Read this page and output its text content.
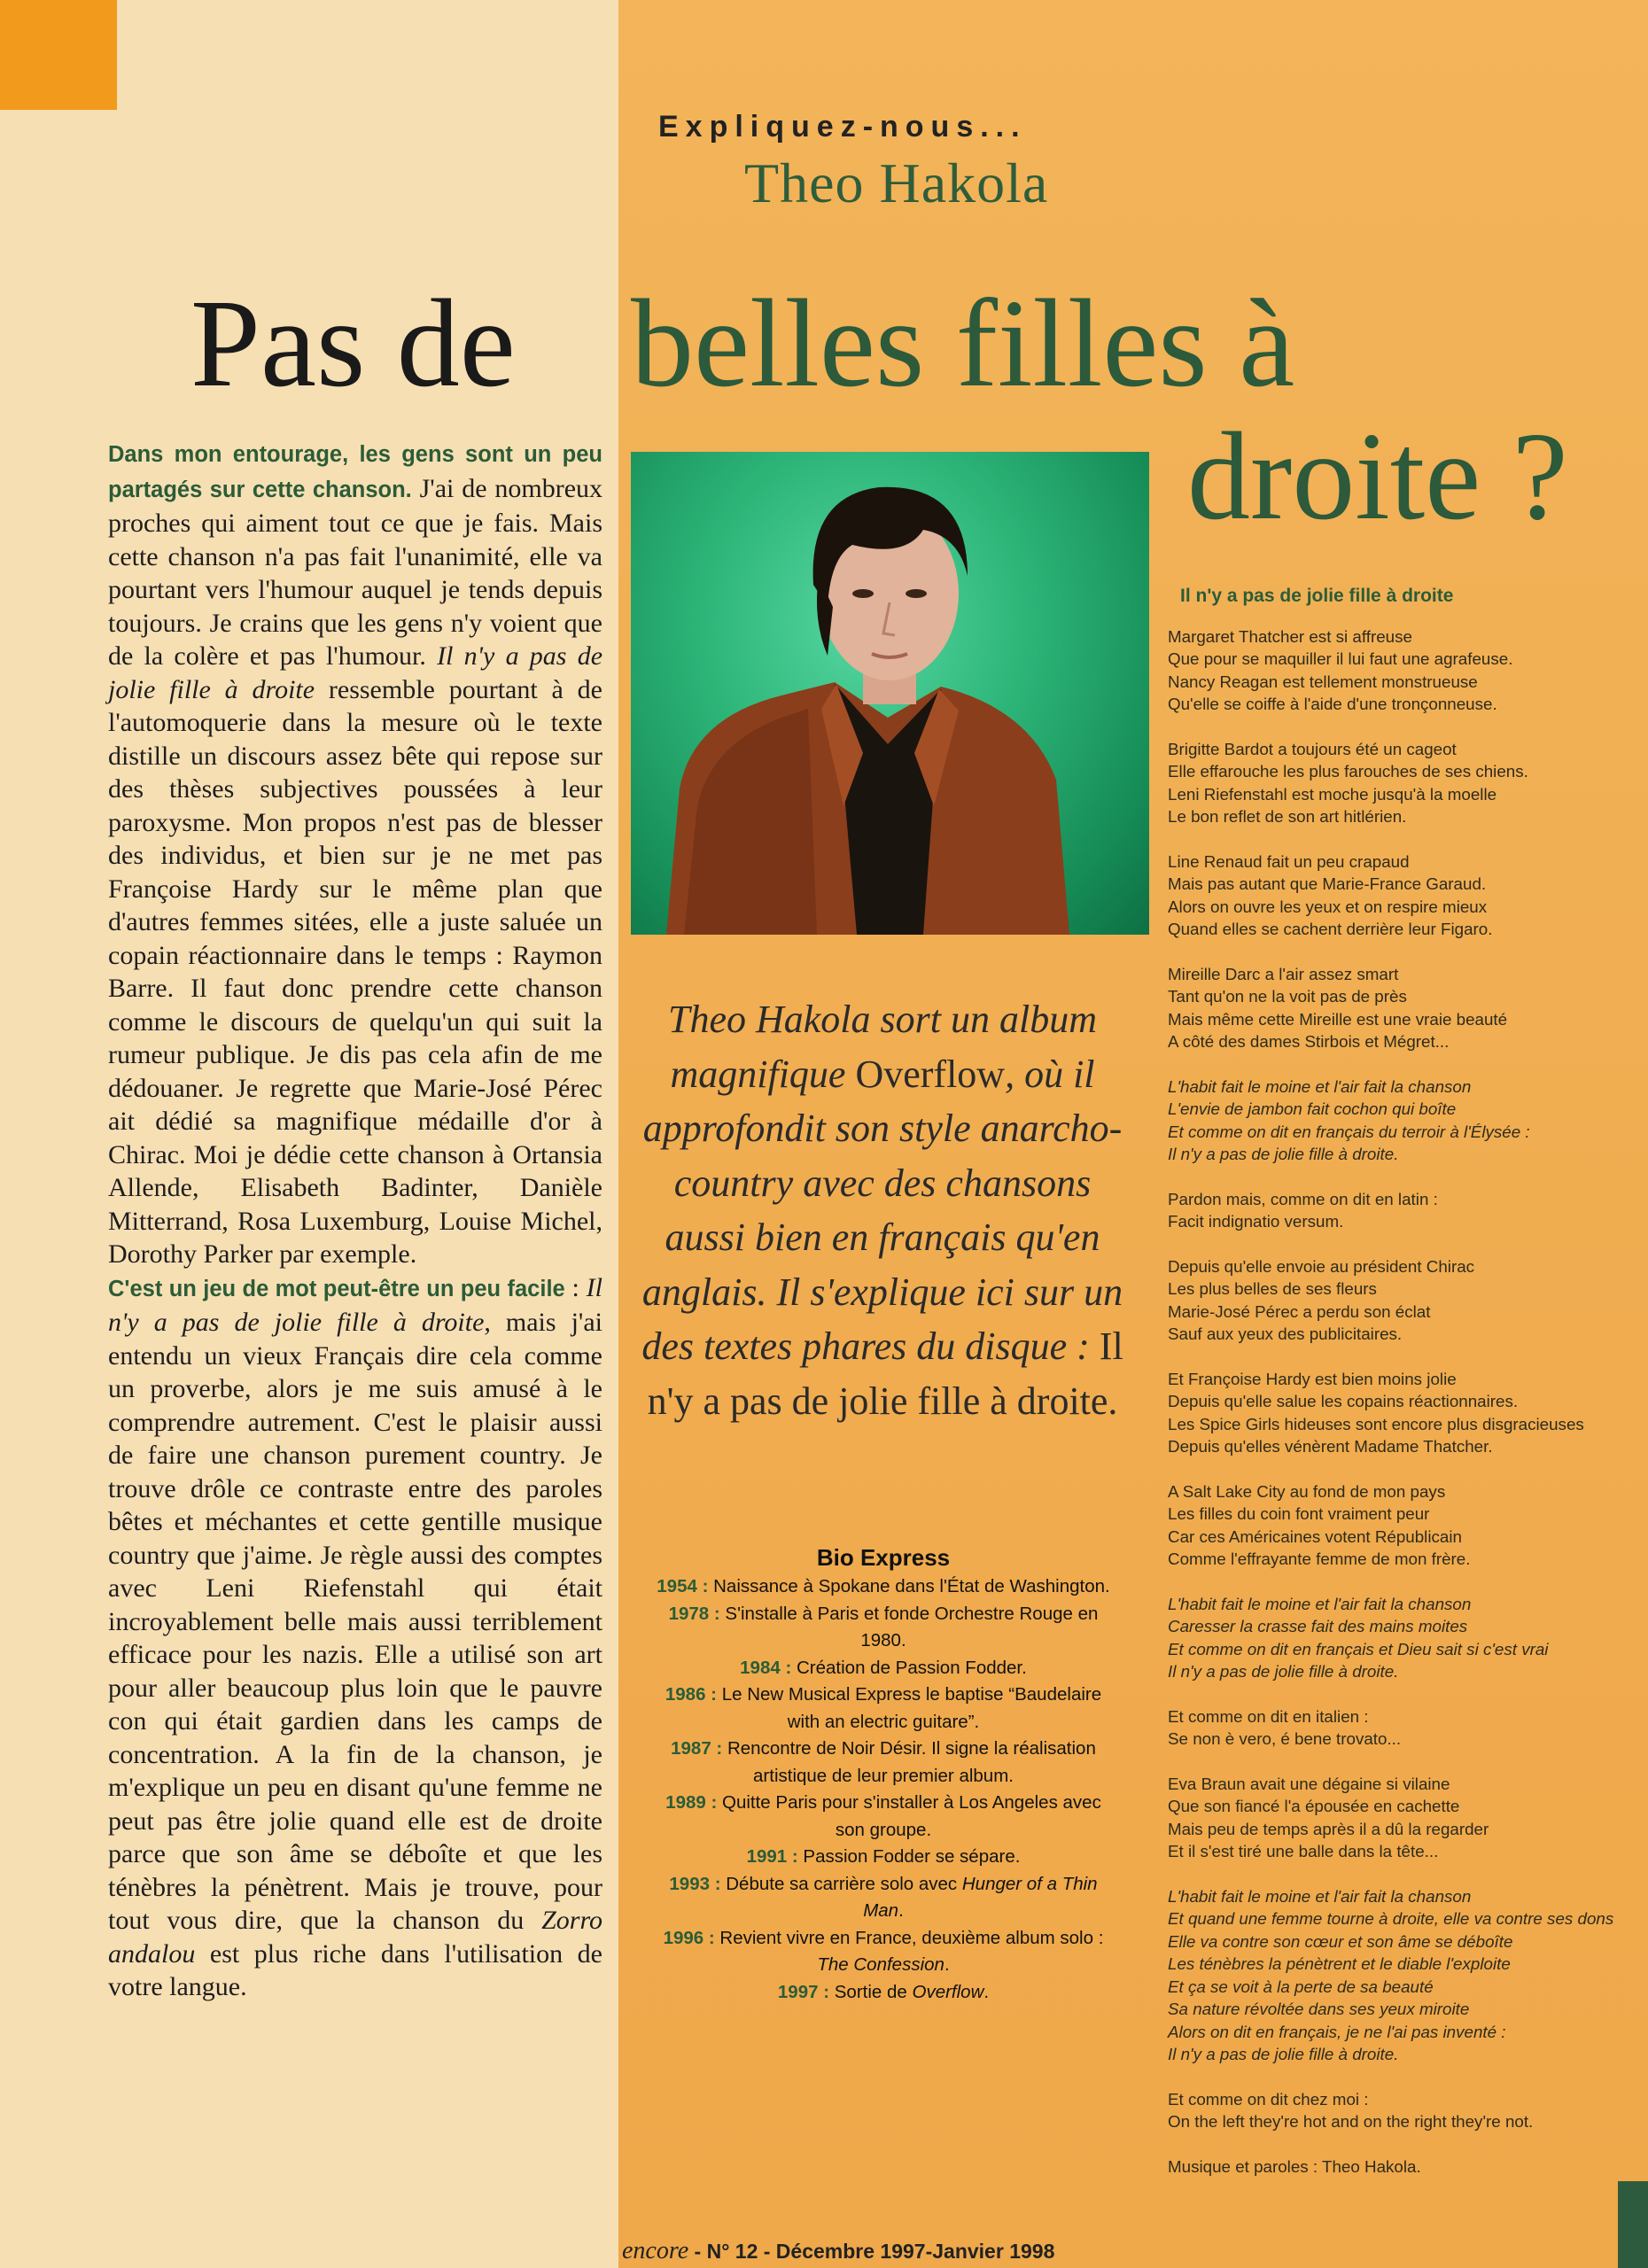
Expliquez-nous...
Theo Hakola
Pas de belles filles à
droite ?

Dans mon entourage, les gens sont un peu partagés sur cette chanson. J'ai de nombreux proches qui aiment tout ce que je fais. Mais cette chanson n'a pas fait l'unanimité, elle va pourtant vers l'humour auquel je tends depuis toujours. Je crains que les gens n'y voient que de la colère et pas l'humour. Il n'y a pas de jolie fille à droite ressemble pourtant à de l'automoquerie dans la mesure où le texte distille un discours assez bête qui repose sur des thèses subjectives poussées à leur paroxysme. Mon propos n'est pas de blesser des individus, et bien sur je ne met pas Françoise Hardy sur le même plan que d'autres femmes sitées, elle a juste saluée un copain réactionnaire dans le temps : Raymon Barre. Il faut donc prendre cette chanson comme le discours de quelqu'un qui suit la rumeur publique. Je dis pas cela afin de me dédouaner. Je regrette que Marie-José Pérec ait dédié sa magnifique médaille d'or à Chirac. Moi je dédie cette chanson à Ortansia Allende, Elisabeth Badinter, Danièle Mitterrand, Rosa Luxemburg, Louise Michel, Dorothy Parker par exemple.

C'est un jeu de mot peut-être un peu facile : Il n'y a pas de jolie fille à droite, mais j'ai entendu un vieux Français dire cela comme un proverbe, alors je me suis amusé à le comprendre autrement. C'est le plaisir aussi de faire une chanson purement country. Je trouve drôle ce contraste entre des paroles bêtes et méchantes et cette gentille musique country que j'aime. Je règle aussi des comptes avec Leni Riefenstahl qui était incroyablement belle mais aussi terriblement efficace pour les nazis. Elle a utilisé son art pour aller beaucoup plus loin que le pauvre con qui était gardien dans les camps de concentration. A la fin de la chanson, je m'explique un peu en disant qu'une femme ne peut pas être jolie quand elle est de droite parce que son âme se déboîte et que les ténèbres la pénètrent. Mais je trouve, pour tout vous dire, que la chanson du Zorro andalou est plus riche dans l'utilisation de votre langue.

Theo Hakola sort un album magnifique Overflow, où il approfondit son style anarcho-country avec des chansons aussi bien en français qu'en anglais. Il s'explique ici sur un des textes phares du disque : Il n'y a pas de jolie fille à droite.
Bio Express
1954 : Naissance à Spokane dans l'État de Washington.
1978 : S'installe à Paris et fonde Orchestre Rouge en 1980.
1984 : Création de Passion Fodder.
1986 : Le New Musical Express le baptise “Baudelaire with an electric guitare”.
1987 : Rencontre de Noir Désir. Il signe la réalisation artistique de leur premier album.
1989 : Quitte Paris pour s'installer à Los Angeles avec son groupe.
1991 : Passion Fodder se sépare.
1993 : Débute sa carrière solo avec Hunger of a Thin Man.
1996 : Revient vivre en France, deuxième album solo : The Confession.
1997 : Sortie de Overflow.
Il n'y a pas de jolie fille à droite
Margaret Thatcher est si affreuse
Que pour se maquiller il lui faut une agrafeuse.
Nancy Reagan est tellement monstrueuse
Qu'elle se coiffe à l'aide d'une tronçonneuse.
Brigitte Bardot a toujours été un cageot
Elle effarouche les plus farouches de ses chiens.
Leni Riefenstahl est moche jusqu'à la moelle
Le bon reflet de son art hitlérien.
Line Renaud fait un peu crapaud
Mais pas autant que Marie-France Garaud.
Alors on ouvre les yeux et on respire mieux
Quand elles se cachent derrière leur Figaro.
Mireille Darc a l'air assez smart
Tant qu'on ne la voit pas de près
Mais même cette Mireille est une vraie beauté
A côté des dames Stirbois et Mégret...
L'habit fait le moine et l'air fait la chanson
L'envie de jambon fait cochon qui boîte
Et comme on dit en français du terroir à l'Élysée :
Il n'y a pas de jolie fille à droite.
Pardon mais, comme on dit en latin :
Facit indignatio versum.
Depuis qu'elle envoie au président Chirac
Les plus belles de ses fleurs
Marie-José Pérec a perdu son éclat
Sauf aux yeux des publicitaires.
Et Françoise Hardy est bien moins jolie
Depuis qu'elle salue les copains réactionnaires.
Les Spice Girls hideuses sont encore plus disgracieuses
Depuis qu'elles vénèrent Madame Thatcher.
A Salt Lake City au fond de mon pays
Les filles du coin font vraiment peur
Car ces Américaines votent Républicain
Comme l'effrayante femme de mon frère.
L'habit fait le moine et l'air fait la chanson
Caresser la crasse fait des mains moites
Et comme on dit en français et Dieu sait si c'est vrai
Il n'y a pas de jolie fille à droite.
Et comme on dit en italien :
Se non è vero, é bene trovato...
Eva Braun avait une dégaine si vilaine
Que son fiancé l'a épousée en cachette
Mais peu de temps après il a dû la regarder
Et il s'est tiré une balle dans la tête...
L'habit fait le moine et l'air fait la chanson
Et quand une femme tourne à droite, elle va contre ses dons
Elle va contre son cœur et son âme se déboîte
Les ténèbres la pénètrent et le diable l'exploite
Et ça se voit à la perte de sa beauté
Sa nature révoltée dans ses yeux miroite
Alors on dit en français, je ne l'ai pas inventé :
Il n'y a pas de jolie fille à droite.
Et comme on dit chez moi :
On the left they're hot and on the right they're not.
Musique et paroles : Theo Hakola.
encore - N° 12 - Décembre 1997-Janvier 1998
